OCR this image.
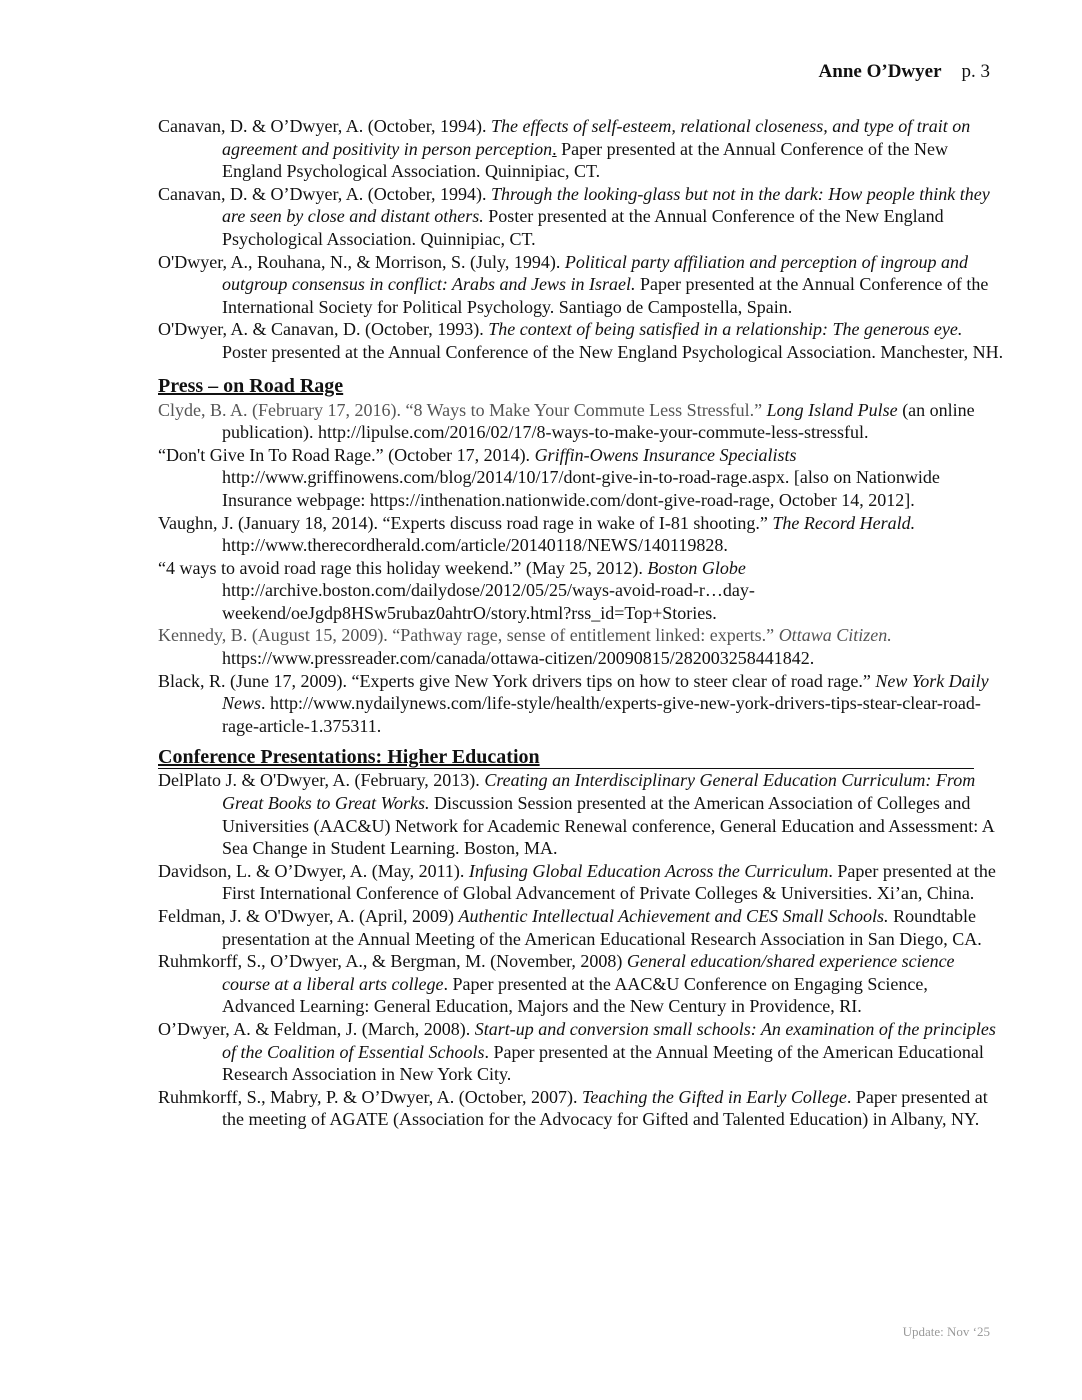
Anne O’Dwyer p. 3
Canavan, D. & O’Dwyer, A. (October, 1994). The effects of self-esteem, relational closeness, and type of trait on agreement and positivity in person perception. Paper presented at the Annual Conference of the New England Psychological Association. Quinnipiac, CT.
Canavan, D. & O’Dwyer, A. (October, 1994). Through the looking-glass but not in the dark: How people think they are seen by close and distant others. Poster presented at the Annual Conference of the New England Psychological Association. Quinnipiac, CT.
O'Dwyer, A., Rouhana, N., & Morrison, S. (July, 1994). Political party affiliation and perception of ingroup and outgroup consensus in conflict: Arabs and Jews in Israel. Paper presented at the Annual Conference of the International Society for Political Psychology. Santiago de Campostella, Spain.
O'Dwyer, A. & Canavan, D. (October, 1993). The context of being satisfied in a relationship: The generous eye. Poster presented at the Annual Conference of the New England Psychological Association. Manchester, NH.
Press – on Road Rage
Clyde, B. A. (February 17, 2016). “8 Ways to Make Your Commute Less Stressful.” Long Island Pulse (an online publication). http://lipulse.com/2016/02/17/8-ways-to-make-your-commute-less-stressful.
“Don't Give In To Road Rage.” (October 17, 2014). Griffin-Owens Insurance Specialists http://www.griffinowens.com/blog/2014/10/17/dont-give-in-to-road-rage.aspx. [also on Nationwide Insurance webpage: https://inthenation.nationwide.com/dont-give-road-rage, October 14, 2012].
Vaughn, J. (January 18, 2014). “Experts discuss road rage in wake of I-81 shooting.” The Record Herald. http://www.therecordherald.com/article/20140118/NEWS/140119828.
“4 ways to avoid road rage this holiday weekend.” (May 25, 2012). Boston Globe http://archive.boston.com/dailydose/2012/05/25/ways-avoid-road-r…day-weekend/oeJgdp8HSw5rubaz0ahtrO/story.html?rss_id=Top+Stories.
Kennedy, B. (August 15, 2009). “Pathway rage, sense of entitlement linked: experts.” Ottawa Citizen. https://www.pressreader.com/canada/ottawa-citizen/20090815/282003258441842.
Black, R. (June 17, 2009). “Experts give New York drivers tips on how to steer clear of road rage.” New York Daily News. http://www.nydailynews.com/life-style/health/experts-give-new-york-drivers-tips-stear-clear-road-rage-article-1.375311.
Conference Presentations: Higher Education
DelPlato J. & O'Dwyer, A. (February, 2013). Creating an Interdisciplinary General Education Curriculum: From Great Books to Great Works. Discussion Session presented at the American Association of Colleges and Universities (AAC&U) Network for Academic Renewal conference, General Education and Assessment: A Sea Change in Student Learning. Boston, MA.
Davidson, L. & O’Dwyer, A. (May, 2011). Infusing Global Education Across the Curriculum. Paper presented at the First International Conference of Global Advancement of Private Colleges & Universities. Xi’an, China.
Feldman, J. & O'Dwyer, A. (April, 2009) Authentic Intellectual Achievement and CES Small Schools. Roundtable presentation at the Annual Meeting of the American Educational Research Association in San Diego, CA.
Ruhmkorff, S., O’Dwyer, A., & Bergman, M. (November, 2008) General education/shared experience science course at a liberal arts college. Paper presented at the AAC&U Conference on Engaging Science, Advanced Learning: General Education, Majors and the New Century in Providence, RI.
O’Dwyer, A. & Feldman, J. (March, 2008). Start-up and conversion small schools: An examination of the principles of the Coalition of Essential Schools. Paper presented at the Annual Meeting of the American Educational Research Association in New York City.
Ruhmkorff, S., Mabry, P. & O’Dwyer, A. (October, 2007). Teaching the Gifted in Early College. Paper presented at the meeting of AGATE (Association for the Advocacy for Gifted and Talented Education) in Albany, NY.
Update: Nov ‘25
